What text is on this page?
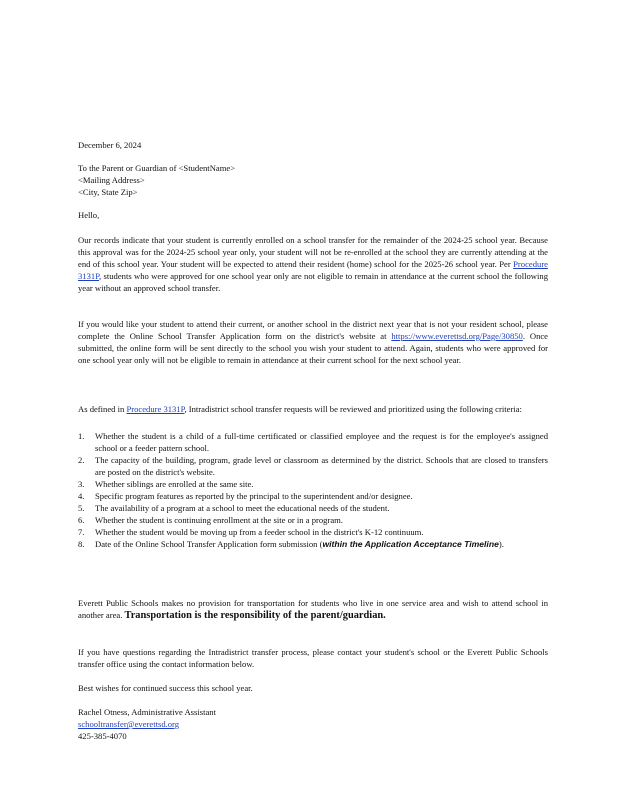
December 6, 2024
To the Parent or Guardian of <StudentName>
<Mailing Address>
<City, State Zip>
Hello,
Our records indicate that your student is currently enrolled on a school transfer for the remainder of the 2024-25 school year. Because this approval was for the 2024-25 school year only, your student will not be re-enrolled at the school they are currently attending at the end of this school year. Your student will be expected to attend their resident (home) school for the 2025-26 school year. Per Procedure 3131P, students who were approved for one school year only are not eligible to remain in attendance at the current school the following year without an approved school transfer.
If you would like your student to attend their current, or another school in the district next year that is not your resident school, please complete the Online School Transfer Application form on the district's website at https://www.everettsd.org/Page/30850. Once submitted, the online form will be sent directly to the school you wish your student to attend. Again, students who were approved for one school year only will not be eligible to remain in attendance at their current school for the next school year.
As defined in Procedure 3131P, Intradistrict school transfer requests will be reviewed and prioritized using the following criteria:
1. Whether the student is a child of a full-time certificated or classified employee and the request is for the employee's assigned school or a feeder pattern school.
2. The capacity of the building, program, grade level or classroom as determined by the district. Schools that are closed to transfers are posted on the district's website.
3. Whether siblings are enrolled at the same site.
4. Specific program features as reported by the principal to the superintendent and/or designee.
5. The availability of a program at a school to meet the educational needs of the student.
6. Whether the student is continuing enrollment at the site or in a program.
7. Whether the student would be moving up from a feeder school in the district's K-12 continuum.
8. Date of the Online School Transfer Application form submission (within the Application Acceptance Timeline).
Everett Public Schools makes no provision for transportation for students who live in one service area and wish to attend school in another area. Transportation is the responsibility of the parent/guardian.
If you have questions regarding the Intradistrict transfer process, please contact your student's school or the Everett Public Schools transfer office using the contact information below.
Best wishes for continued success this school year.
Rachel Otness, Administrative Assistant
schooltransfer@everettsd.org
425-385-4070
